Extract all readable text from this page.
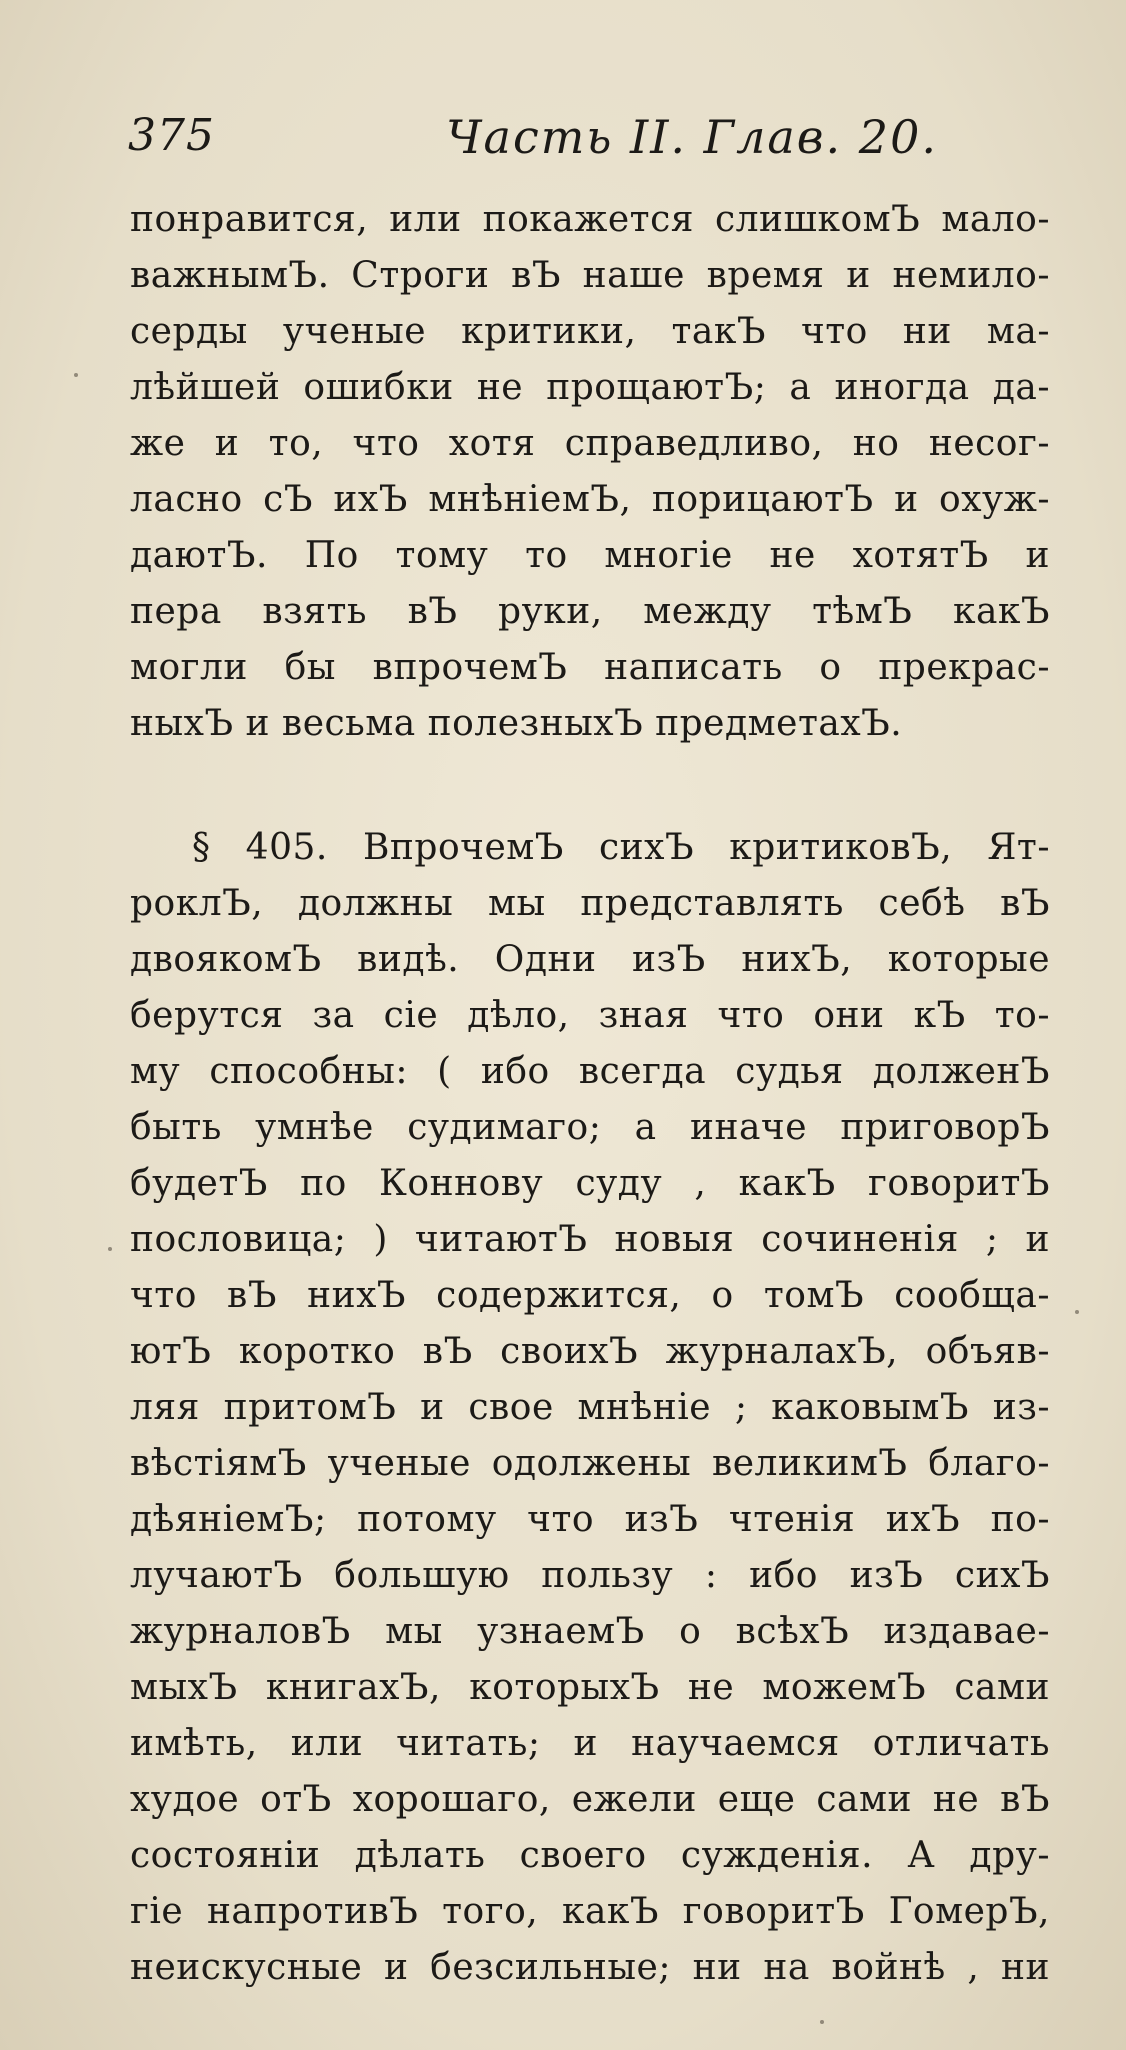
375	Часть II. Глав. 20.
понравится, или покажется слишкомЪ мало-
важнымЪ. Строги вЪ наше время и немило-
серды ученые критики, такЪ что ни ма-
лѣйшей ошибки не прощаютЪ; а иногда да-
же и то, что хотя справедливо, но несог-
ласно сЪ ихЪ мнѣніемЪ, порицаютЪ и охуж-
даютЪ. По тому то многіе не хотятЪ и
пера взять вЪ руки, между тѣмЪ какЪ
могли бы впрочемЪ написать о прекрас-
ныхЪ и весьма полезныхЪ предметахЪ.
§ 405. ВпрочемЪ сихЪ критиковЪ, Ят-
роклЪ, должны мы представлять себѣ вЪ
двоякомЪ видѣ. Одни изЪ нихЪ, которые
берутся за сіе дѣло, зная что они кЪ то-
му способны: ( ибо всегда судья долженЪ
быть умнѣе судимаго; а иначе приговорЪ
будетЪ по Коннову суду , какЪ говоритЪ
пословица; ) читаютЪ новыя сочиненія ; и
что вЪ нихЪ содержится, о томЪ сообща-
ютЪ коротко вЪ своихЪ журналахЪ, объяв-
ляя притомЪ и свое мнѣніе ; каковымЪ из-
вѣстіямЪ ученые одолжены великимЪ благо-
дѣяніемЪ; потому что изЪ чтенія ихЪ по-
лучаютЪ большую пользу : ибо изЪ сихЪ
журналовЪ мы узнаемЪ о всѣхЪ издавае-
мыхЪ книгахЪ, которыхЪ не можемЪ сами
имѣть, или читать; и научаемся отличать
худое отЪ хорошаго, ежели еще сами не вЪ
состояніи дѣлать своего сужденія. А дру-
гіе напротивЪ того, какЪ говоритЪ ГомерЪ,
неискусные и безсильные; ни на войнѣ , ни
